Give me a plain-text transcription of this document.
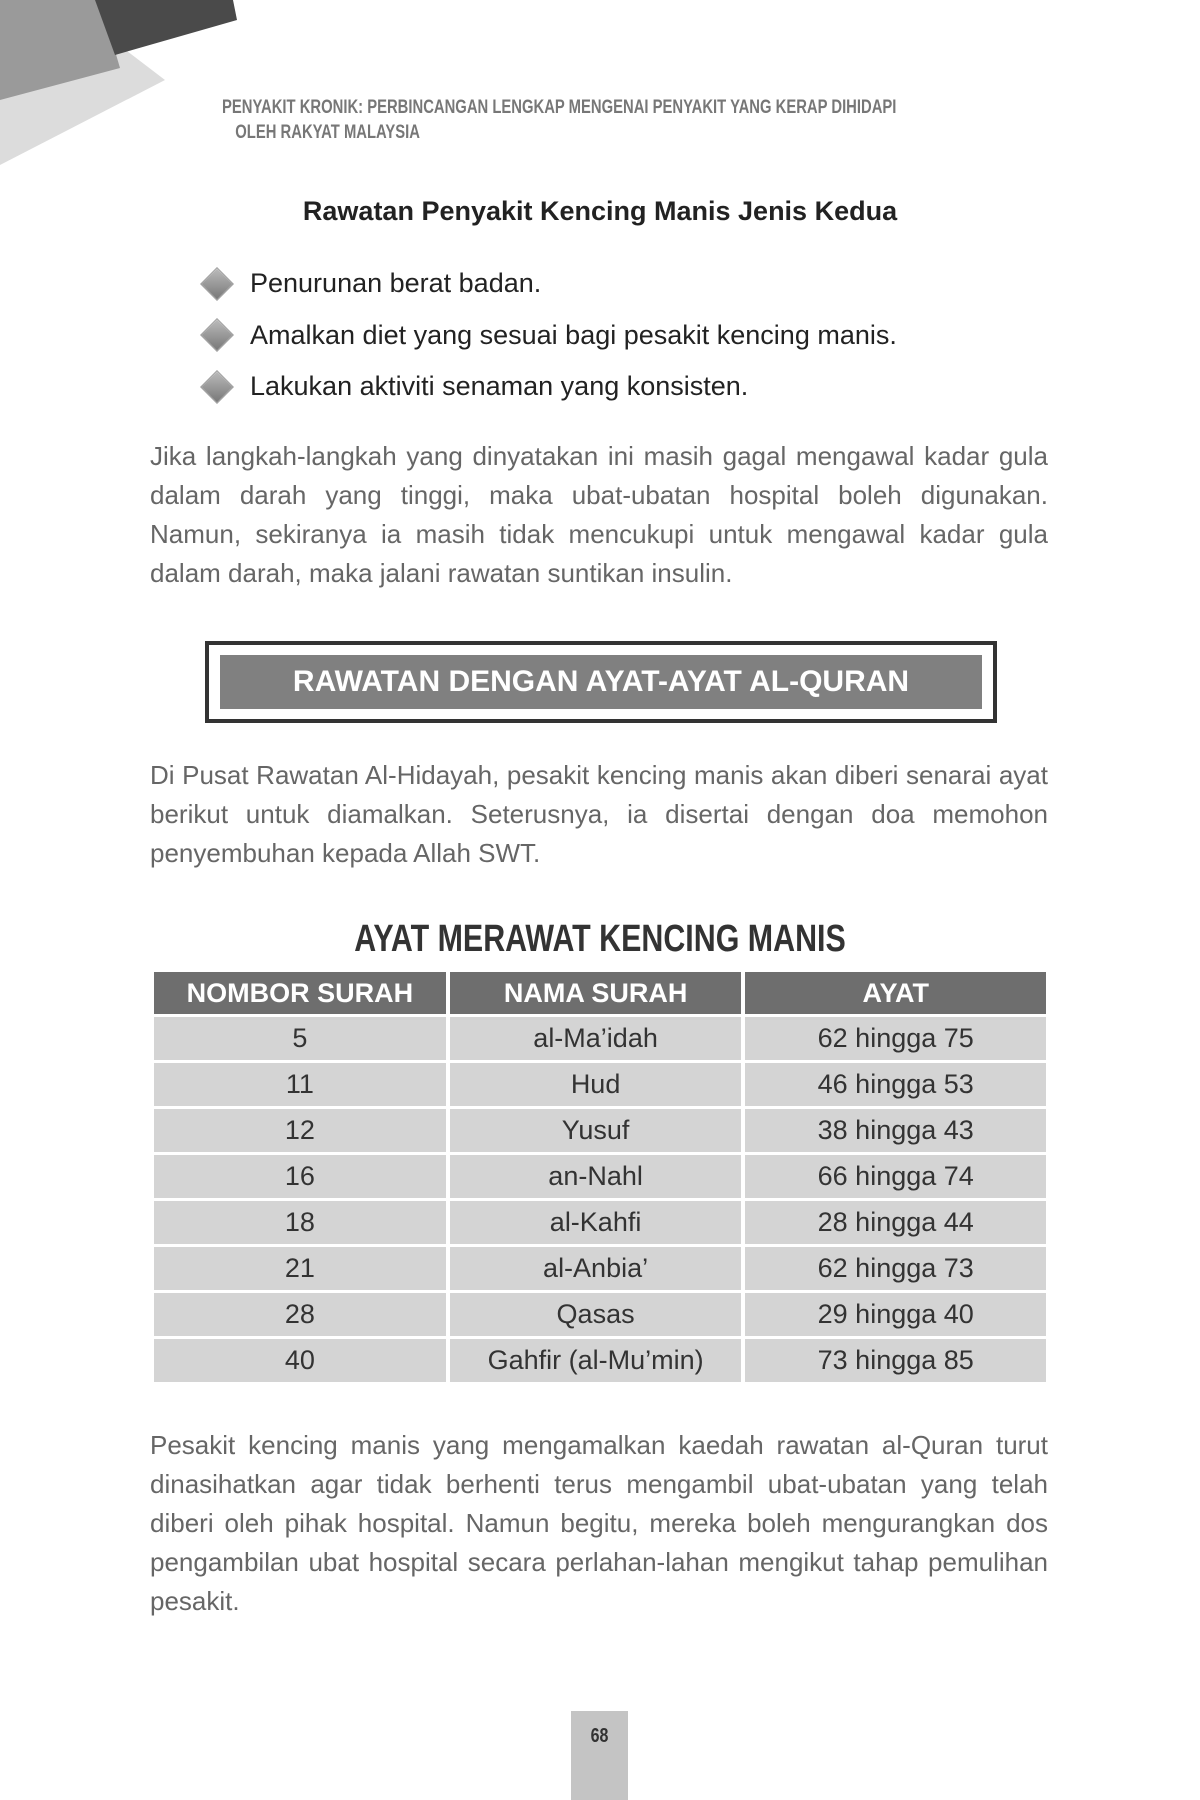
PENYAKIT KRONIK: PERBINCANGAN LENGKAP MENGENAI PENYAKIT YANG KERAP DIHIDAPI
OLEH RAKYAT MALAYSIA
Rawatan Penyakit Kencing Manis Jenis Kedua
Penurunan berat badan.
Amalkan diet yang sesuai bagi pesakit kencing manis.
Lakukan aktiviti senaman yang konsisten.

Jika langkah-langkah yang dinyatakan ini masih gagal mengawal kadar gula dalam darah yang tinggi, maka ubat-ubatan hospital boleh digunakan. Namun, sekiranya ia masih tidak mencukupi untuk mengawal kadar gula dalam darah, maka jalani rawatan suntikan insulin.

RAWATAN DENGAN AYAT-AYAT AL-QURAN

Di Pusat Rawatan Al-Hidayah, pesakit kencing manis akan diberi senarai ayat berikut untuk diamalkan. Seterusnya, ia disertai dengan doa memohon penyembuhan kepada Allah SWT.

AYAT MERAWAT KENCING MANIS
NOMBOR SURAH	NAMA SURAH	AYAT
5	al-Ma’idah	62 hingga 75
11	Hud	46 hingga 53
12	Yusuf	38 hingga 43
16	an-Nahl	66 hingga 74
18	al-Kahfi	28 hingga 44
21	al-Anbia’	62 hingga 73
28	Qasas	29 hingga 40
40	Gahfir (al-Mu’min)	73 hingga 85

Pesakit kencing manis yang mengamalkan kaedah rawatan al-Quran turut dinasihatkan agar tidak berhenti terus mengambil ubat-ubatan yang telah diberi oleh pihak hospital. Namun begitu, mereka boleh mengurangkan dos pengambilan ubat hospital secara perlahan-lahan mengikut tahap pemulihan pesakit.

68
